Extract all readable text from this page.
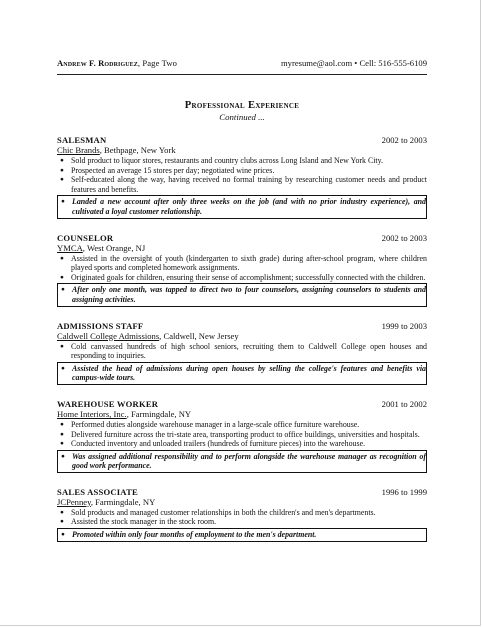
Andrew F. Rodriguez, Page Two	myresume@aol.com • Cell: 516-555-6109
Professional Experience
Continued ...
SALESMAN	2002 to 2003
Chic Brands, Bethpage, New York
● Sold product to liquor stores, restaurants and country clubs across Long Island and New York City.
● Prospected an average 15 stores per day; negotiated wine prices.
● Self-educated along the way, having received no formal training by researching customer needs and product features and benefits.
● Landed a new account after only three weeks on the job (and with no prior industry experience), and cultivated a loyal customer relationship.
COUNSELOR	2002 to 2003
YMCA, West Orange, NJ
● Assisted in the oversight of youth (kindergarten to sixth grade) during after-school program, where children played sports and completed homework assignments.
● Originated goals for children, ensuring their sense of accomplishment; successfully connected with the children.
● After only one month, was tapped to direct two to four counselors, assigning counselors to students and assigning activities.
ADMISSIONS STAFF	1999 to 2003
Caldwell College Admissions, Caldwell, New Jersey
● Cold canvassed hundreds of high school seniors, recruiting them to Caldwell College open houses and responding to inquiries.
● Assisted the head of admissions during open houses by selling the college's features and benefits via campus-wide tours.
WAREHOUSE WORKER	2001 to 2002
Home Interiors, Inc., Farmingdale, NY
● Performed duties alongside warehouse manager in a large-scale office furniture warehouse.
● Delivered furniture across the tri-state area, transporting product to office buildings, universities and hospitals.
● Conducted inventory and unloaded trailers (hundreds of furniture pieces) into the warehouse.
● Was assigned additional responsibility and to perform alongside the warehouse manager as recognition of good work performance.
SALES ASSOCIATE	1996 to 1999
JCPenney, Farmingdale, NY
● Sold products and managed customer relationships in both the children's and men's departments.
● Assisted the stock manager in the stock room.
● Promoted within only four months of employment to the men's department.
